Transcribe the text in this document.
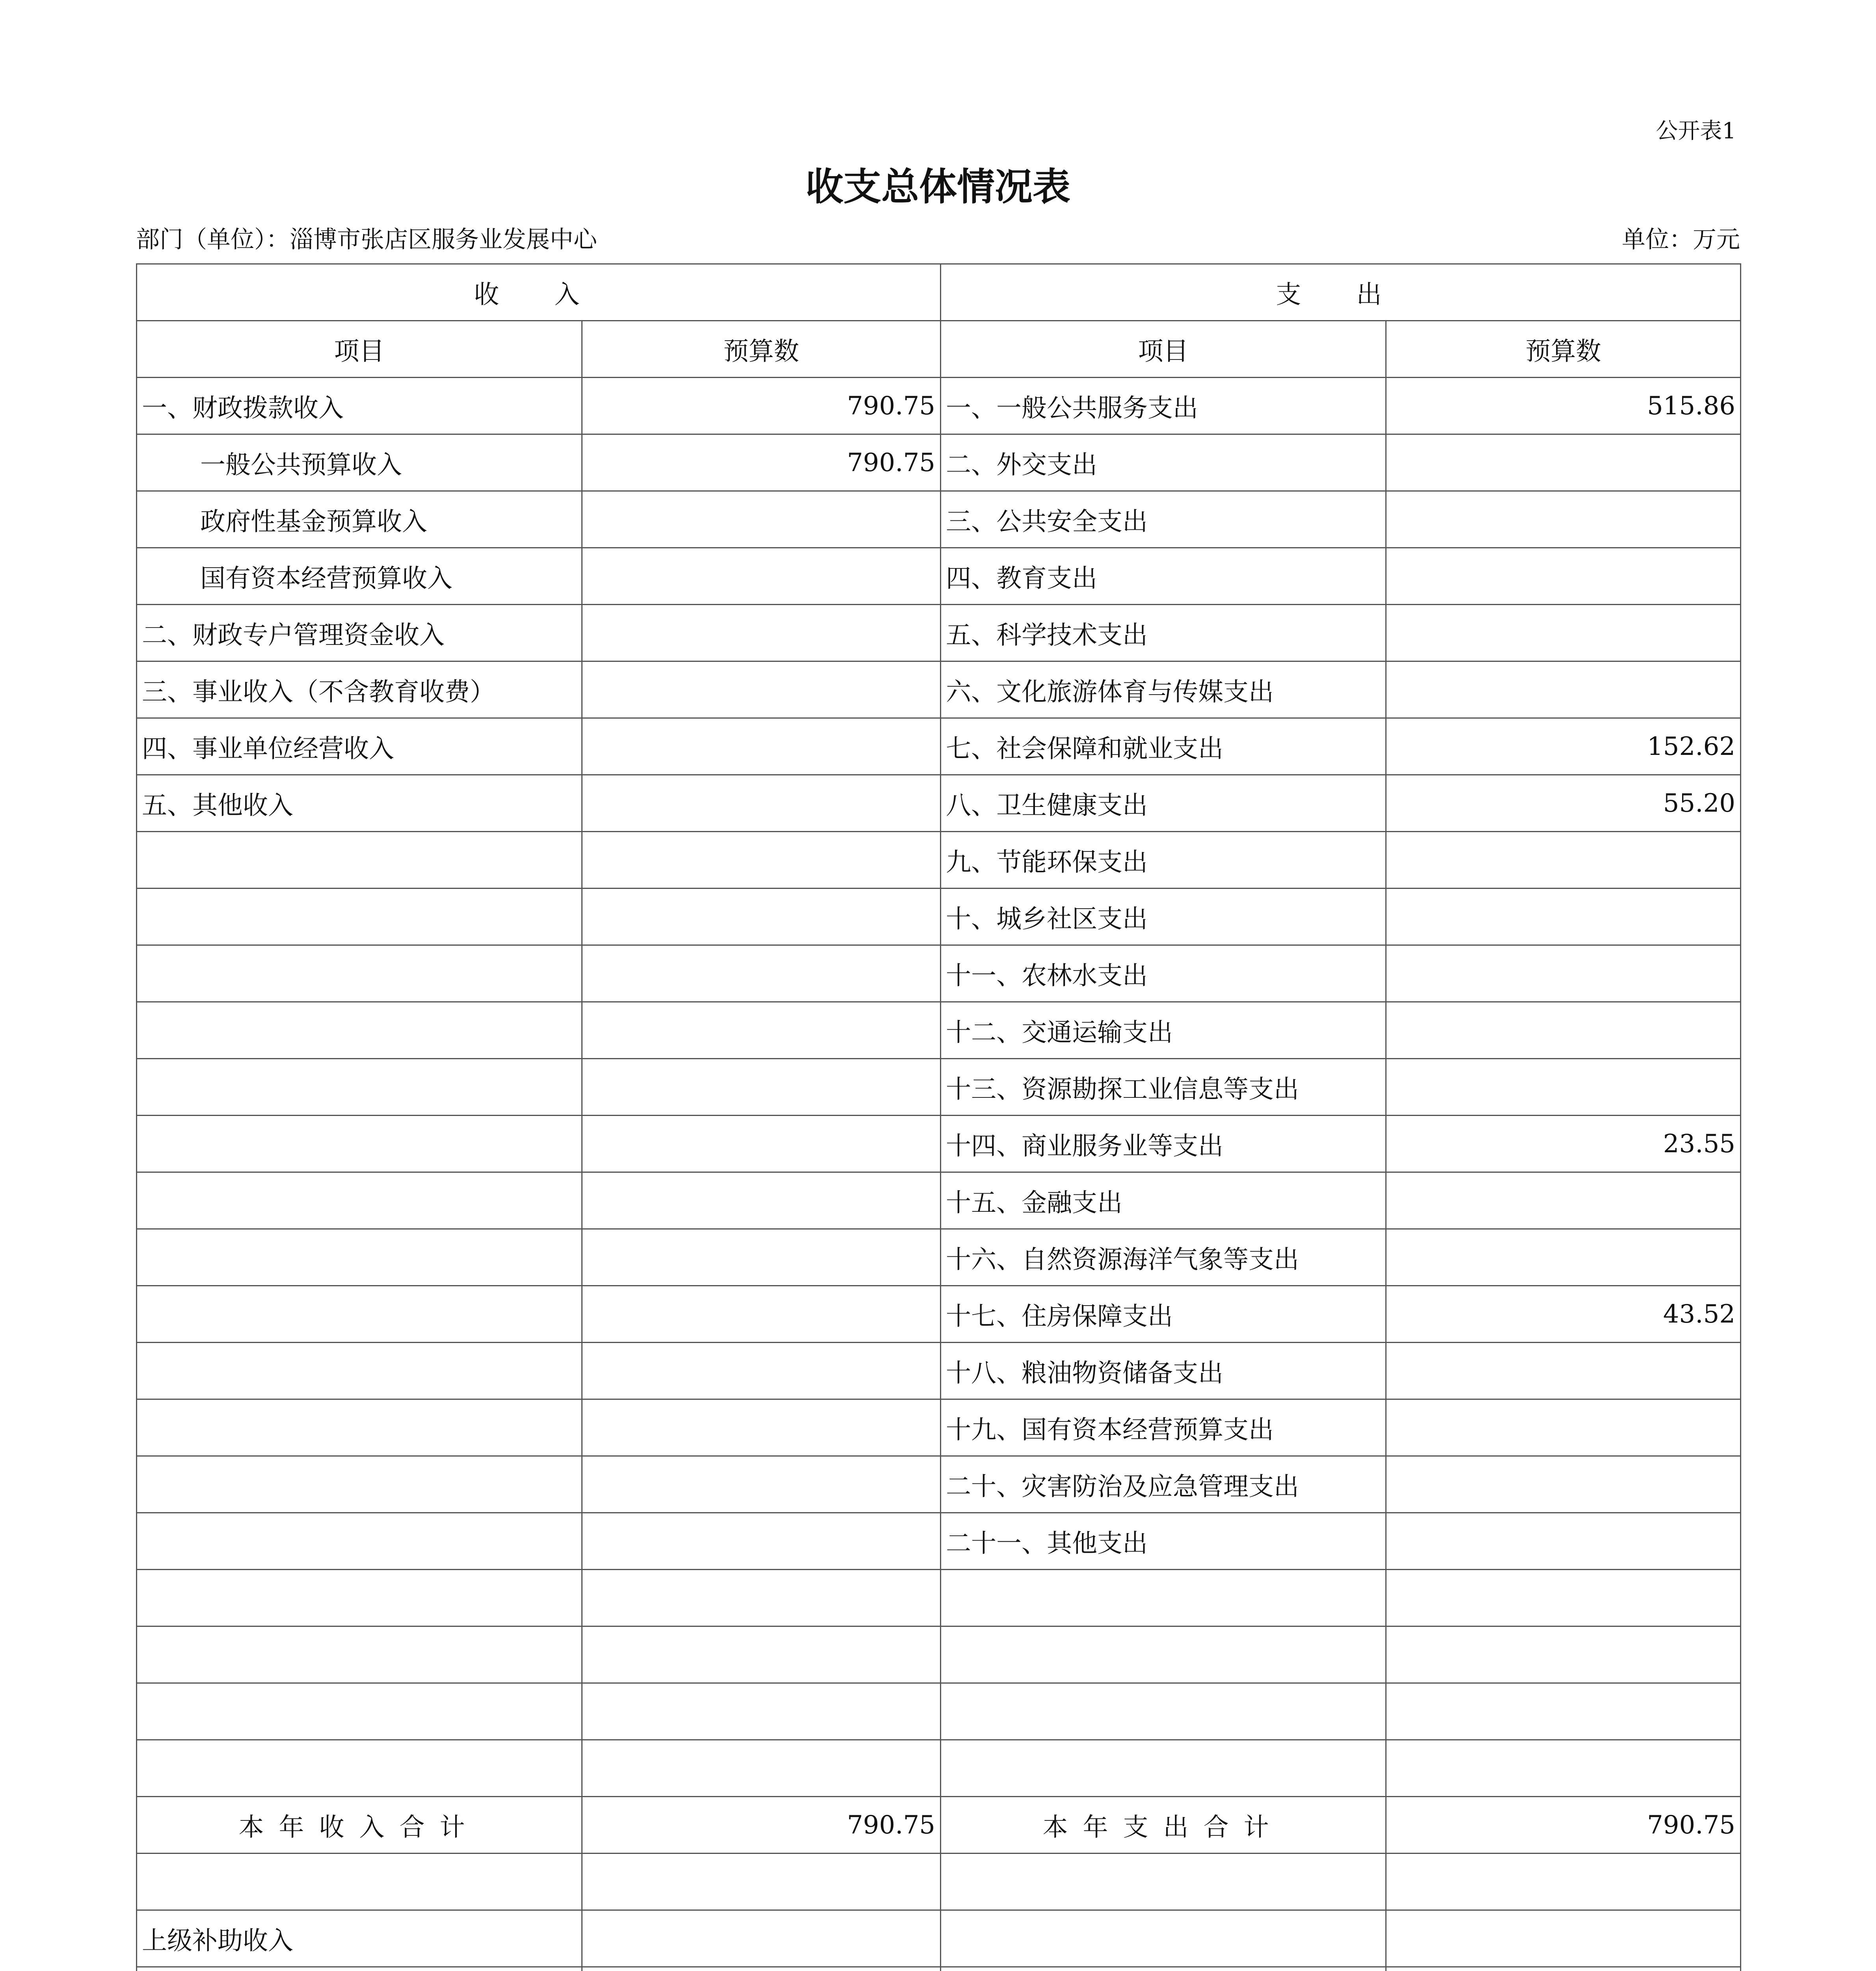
公开表1
收支总体情况表
部门（单位）：淄博市张店区服务业发展中心	单位：万元
收 入		支 出	
项目	预算数	项目	预算数
一、财政拨款收入	790.75	一、一般公共服务支出	515.86
一般公共预算收入	790.75	二、外交支出	
政府性基金预算收入		三、公共安全支出	
国有资本经营预算收入		四、教育支出	
二、财政专户管理资金收入		五、科学技术支出	
三、事业收入（不含教育收费）		六、文化旅游体育与传媒支出	
四、事业单位经营收入		七、社会保障和就业支出	152.62
五、其他收入		八、卫生健康支出	55.20
		九、节能环保支出	
		十、城乡社区支出	
		十一、农林水支出	
		十二、交通运输支出	
		十三、资源勘探工业信息等支出	
		十四、商业服务业等支出	23.55
		十五、金融支出	
		十六、自然资源海洋气象等支出	
		十七、住房保障支出	43.52
		十八、粮油物资储备支出	
		十九、国有资本经营预算支出	
		二十、灾害防治及应急管理支出	
		二十一、其他支出	

本年收入合计	790.75	本年支出合计	790.75

上级补助收入			
